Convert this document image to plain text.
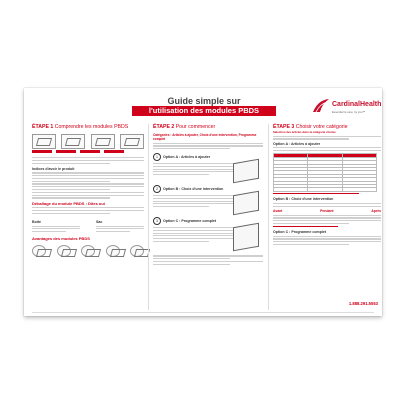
Guide simple sur
l'utilisation des modules PBDS
CardinalHealth
Essential to care, by you™
ÉTAPE 1 Comprendre les modules PBDS
Indices d'avoir le produit
Déballage du module PBDS : Dites oui
Boîte	Sac
Avantages des modules PBDS
ÉTAPE 2 Pour commencer
Catégories : Articles à ajouter, Choix d'une intervention, Programme complet
1	Option A : Articles à ajouter
2	Option B : Choix d'une intervention
3	Option C : Programme complet
ÉTAPE 3 Choisir votre catégorie
Sélection des articles dans la catégorie choisie
Option A : Articles à ajouter

Option B : Choix d'une intervention
Avant	Pendant	Après
Option C : Programme complet
1.888.291.5553
